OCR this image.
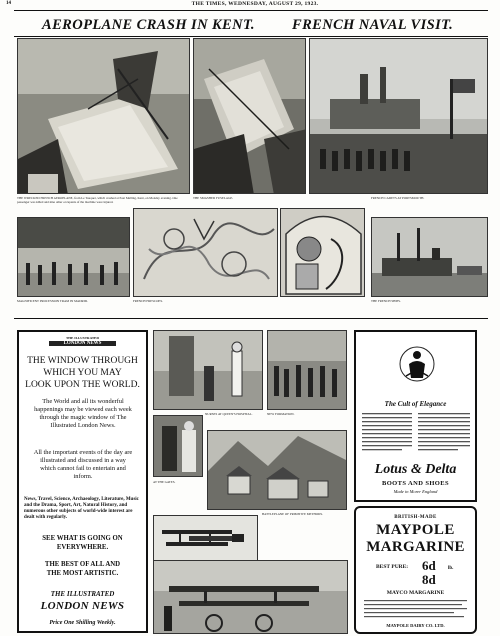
14	THE TIMES, WEDNESDAY, AUGUST 29, 1923.
AEROPLANE CRASH IN KENT.	FRENCH NAVAL VISIT.
THE WRECKED FRENCH AEROPLANE, from Le Touquet, which crashed at East Malling, Kent, on Monday evening. One passenger was killed and nine other occupants of the machine were injured.
THE SMASHED FUSELAGE.	FRENCH CADETS AT PORTSMOUTH.
MAGNIFICENT PROCESSION TRAM IN MADRID.	FRENCH FRESCOES.	THE FRENCH SHIPS.
THE ILLUSTRATED
LONDON NEWS
THE WINDOW THROUGH
WHICH YOU MAY
LOOK UPON THE WORLD.
The World and all its wonderful happenings may be viewed each week through the magic window of The Illustrated London News.
All the important events of the day are illustrated and discussed in a way which cannot fail to entertain and inform.
News, Travel, Science, Archaeology, Literature, Music and the Drama, Sport, Art, Natural History, and numerous other subjects of world-wide interest are dealt with regularly.
SEE WHAT IS GOING ON
EVERYWHERE.
THE BEST OF ALL AND
THE MOST ARTISTIC.
THE ILLUSTRATED
LONDON NEWS
Price One Shilling Weekly.
NURSES AT QUEEN'S HOSPITAL.	NEW FORMATION.
AT THE GATES.
BATTLEPLANE OF PRIMITIVE METHODS.
The Cult of Elegance
Lotus & Delta
BOOTS AND SHOES
Made in Morer England
BRITISH-MADE
MAYPOLE
MARGARINE
BEST PURE: 6d
8d
lb.
MAYCO MARGARINE
MAYPOLE DAIRY CO. LTD.
